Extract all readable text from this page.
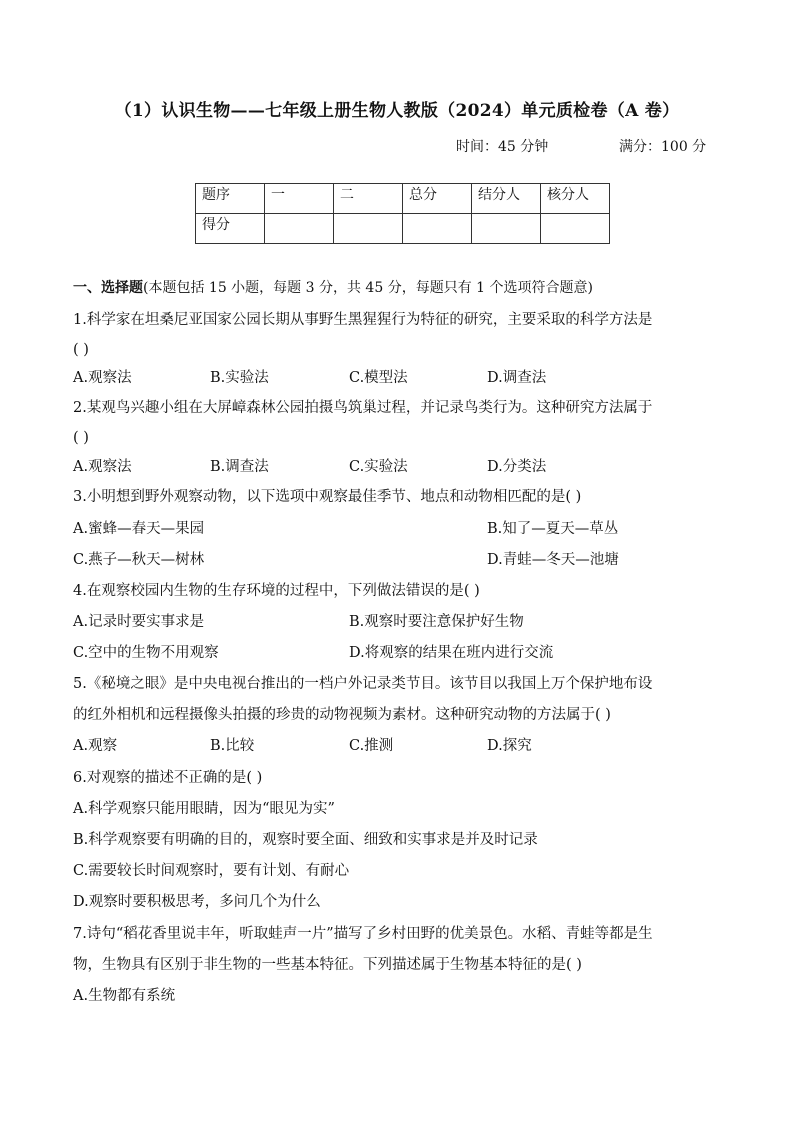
（1）认识生物——七年级上册生物人教版（2024）单元质检卷（A 卷）
时间：45 分钟	满分：100 分
题序	一	二	总分	结分人	核分人
得分					
一、选择题(本题包括 15 小题，每题 3 分，共 45 分，每题只有 1 个选项符合题意)
1.科学家在坦桑尼亚国家公园长期从事野生黑猩猩行为特征的研究，主要采取的科学方法是
( )
A.观察法	B.实验法	C.模型法	D.调查法
2.某观鸟兴趣小组在大屏嶂森林公园拍摄鸟筑巢过程，并记录鸟类行为。这种研究方法属于
( )
A.观察法	B.调查法	C.实验法	D.分类法
3.小明想到野外观察动物，以下选项中观察最佳季节、地点和动物相匹配的是( )
A.蜜蜂—春天—果园	B.知了—夏天—草丛
C.燕子—秋天—树林	D.青蛙—冬天—池塘
4.在观察校园内生物的生存环境的过程中，下列做法错误的是( )
A.记录时要实事求是	B.观察时要注意保护好生物
C.空中的生物不用观察	D.将观察的结果在班内进行交流
5.《秘境之眼》是中央电视台推出的一档户外记录类节目。该节目以我国上万个保护地布设
的红外相机和远程摄像头拍摄的珍贵的动物视频为素材。这种研究动物的方法属于( )
A.观察	B.比较	C.推测	D.探究
6.对观察的描述不正确的是( )
A.科学观察只能用眼睛，因为“眼见为实”
B.科学观察要有明确的目的，观察时要全面、细致和实事求是并及时记录
C.需要较长时间观察时，要有计划、有耐心
D.观察时要积极思考，多问几个为什么
7.诗句“稻花香里说丰年，听取蛙声一片”描写了乡村田野的优美景色。水稻、青蛙等都是生
物，生物具有区别于非生物的一些基本特征。下列描述属于生物基本特征的是( )
A.生物都有系统
